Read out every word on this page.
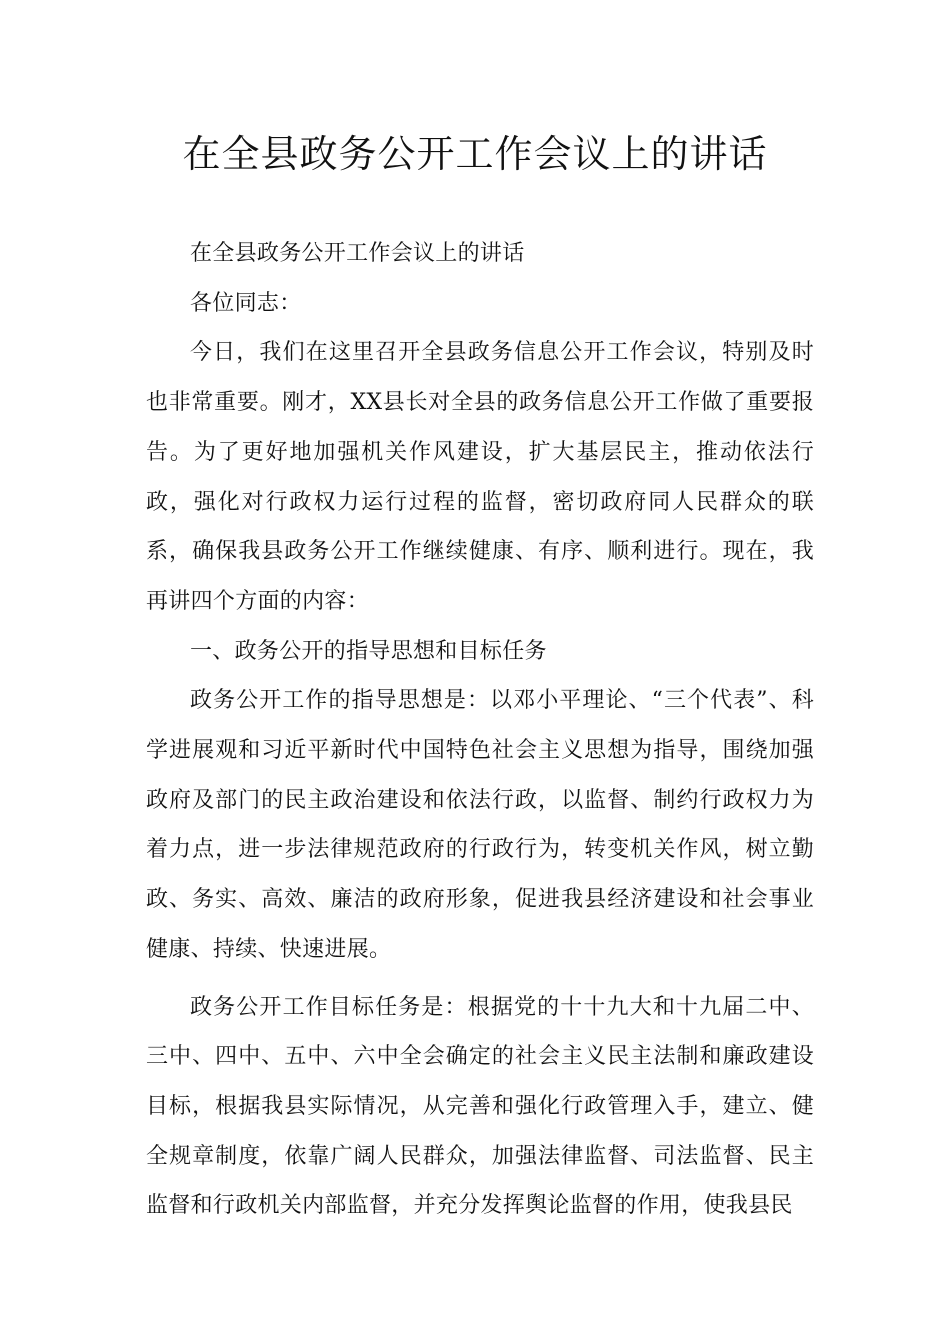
在全县政务公开工作会议上的讲话

在全县政务公开工作会议上的讲话

各位同志：

今日，我们在这里召开全县政务信息公开工作会议，特别及时也非常重要。刚才，XX县长对全县的政务信息公开工作做了重要报告。为了更好地加强机关作风建设，扩大基层民主，推动依法行政，强化对行政权力运行过程的监督，密切政府同人民群众的联系，确保我县政务公开工作继续健康、有序、顺利进行。现在，我再讲四个方面的内容：

一、政务公开的指导思想和目标任务

政务公开工作的指导思想是：以邓小平理论、“三个代表”、科学进展观和习近平新时代中国特色社会主义思想为指导，围绕加强政府及部门的民主政治建设和依法行政，以监督、制约行政权力为着力点，进一步法律规范政府的行政行为，转变机关作风，树立勤政、务实、高效、廉洁的政府形象，促进我县经济建设和社会事业健康、持续、快速进展。

政务公开工作目标任务是：根据党的十十九大和十九届二中、三中、四中、五中、六中全会确定的社会主义民主法制和廉政建设目标，根据我县实际情况，从完善和强化行政管理入手，建立、健全规章制度，依靠广阔人民群众，加强法律监督、司法监督、民主监督和行政机关内部监督，并充分发挥舆论监督的作用，使我县民
